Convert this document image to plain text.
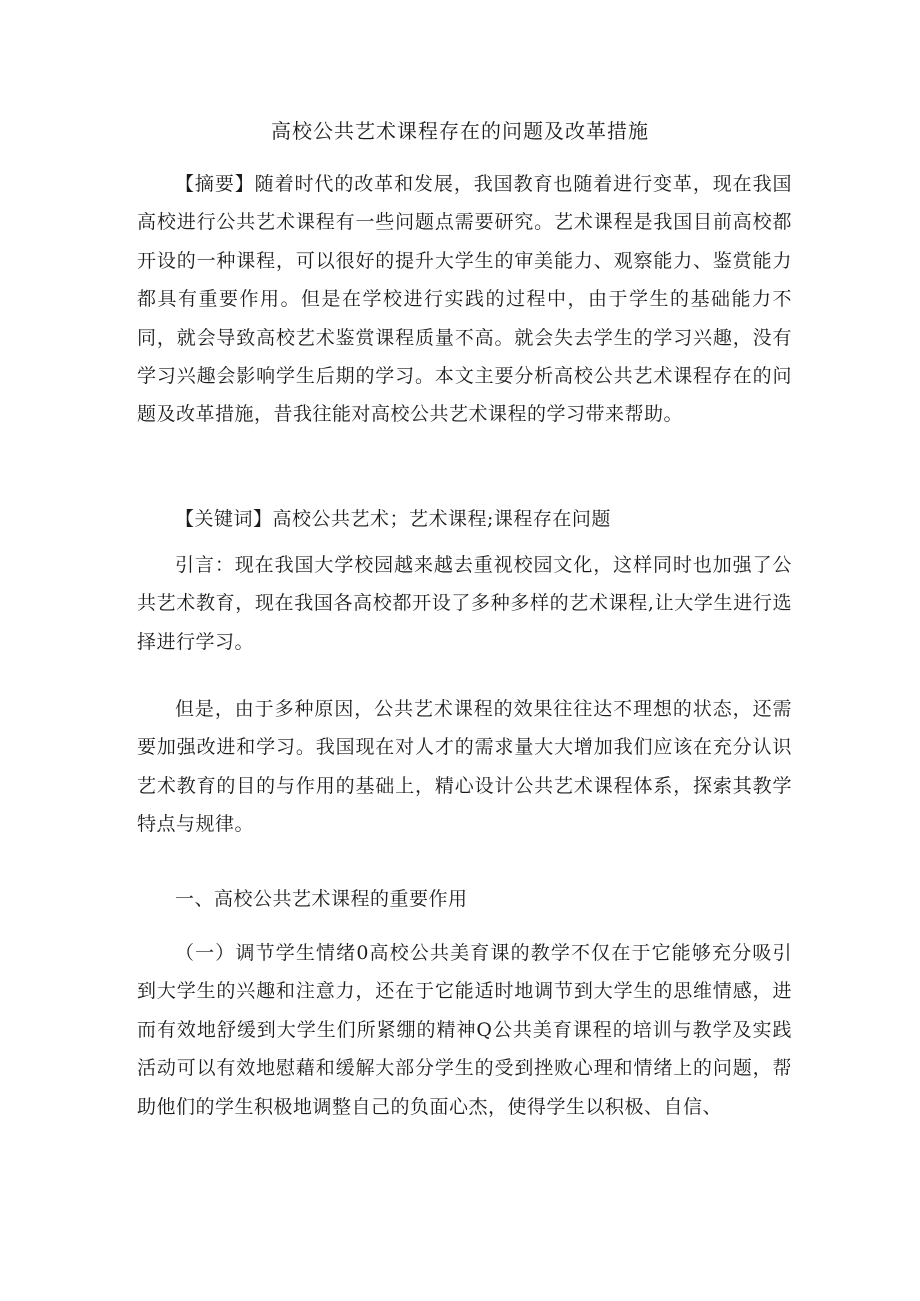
高校公共艺术课程存在的问题及改革措施

【摘要】随着时代的改革和发展，我国教育也随着进行变革，现在我国高校进行公共艺术课程有一些问题点需要研究。艺术课程是我国目前高校都开设的一种课程，可以很好的提升大学生的审美能力、观察能力、鉴赏能力都具有重要作用。但是在学校进行实践的过程中，由于学生的基础能力不同，就会导致高校艺术鉴赏课程质量不高。就会失去学生的学习兴趣，没有学习兴趣会影响学生后期的学习。本文主要分析高校公共艺术课程存在的问题及改革措施，昔我往能对高校公共艺术课程的学习带来帮助。

【关键词】高校公共艺术；艺术课程;课程存在问题

引言：现在我国大学校园越来越去重视校园文化，这样同时也加强了公共艺术教育，现在我国各高校都开设了多种多样的艺术课程,让大学生进行选择进行学习。

但是，由于多种原因，公共艺术课程的效果往往达不理想的状态，还需要加强改进和学习。我国现在对人才的需求量大大增加我们应该在充分认识艺术教育的目的与作用的基础上，精心设计公共艺术课程体系，探索其教学特点与规律。

一、高校公共艺术课程的重要作用

（一）调节学生情绪0高校公共美育课的教学不仅在于它能够充分吸引到大学生的兴趣和注意力，还在于它能适时地调节到大学生的思维情感，进而有效地舒缓到大学生们所紧绷的精神Q公共美育课程的培训与教学及实践活动可以有效地慰藉和缓解大部分学生的受到挫败心理和情绪上的问题，帮助他们的学生积极地调整自己的负面心杰，使得学生以积极、自信、
